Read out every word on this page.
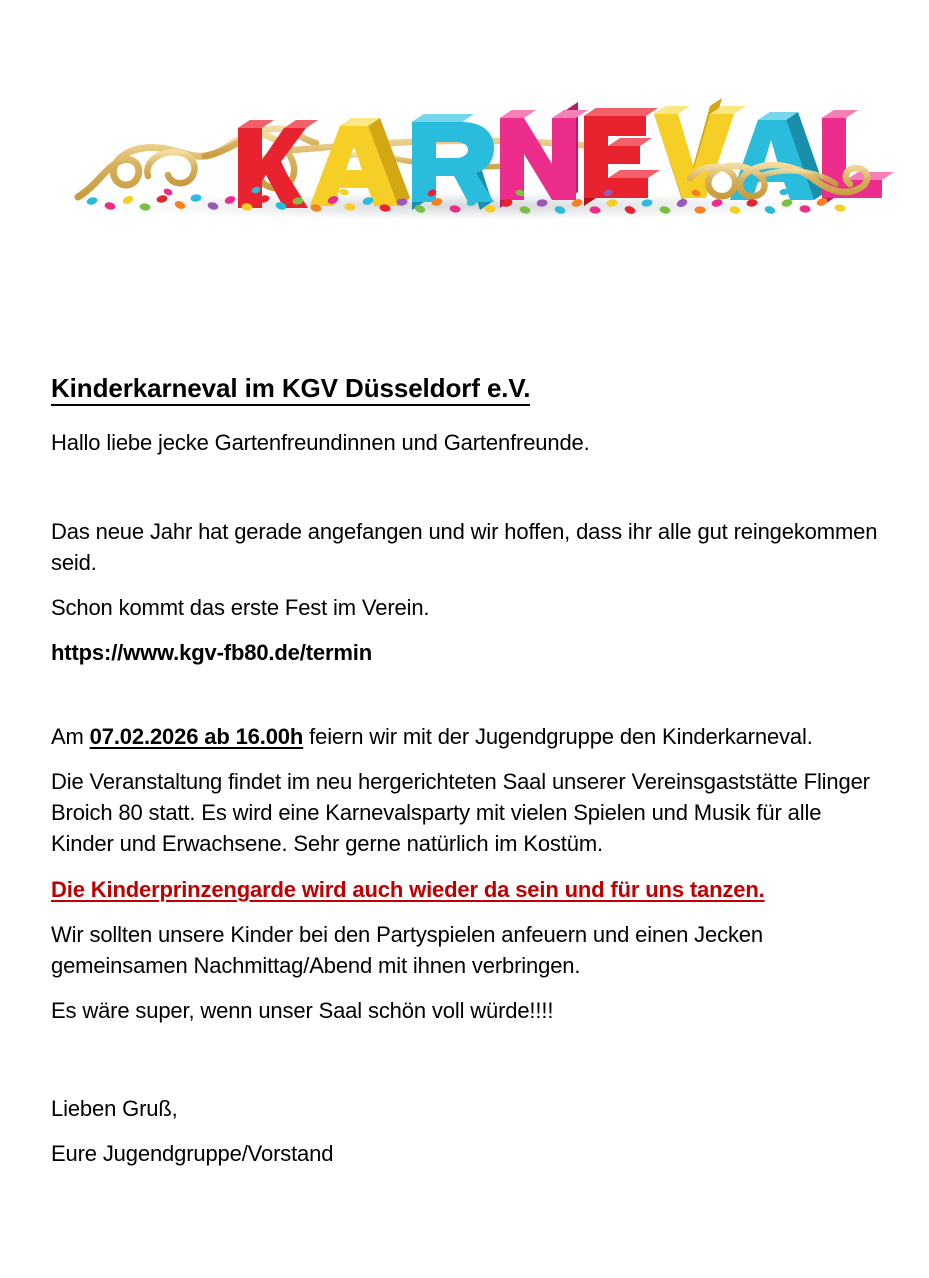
Kinderkarneval im KGV Düsseldorf e.V.

Hallo liebe jecke Gartenfreundinnen und Gartenfreunde.

Das neue Jahr hat gerade angefangen und wir hoffen, dass ihr alle gut reingekommen seid.

Schon kommt das erste Fest im Verein.

https://www.kgv-fb80.de/termin

Am 07.02.2026 ab 16.00h feiern wir mit der Jugendgruppe den Kinderkarneval.

Die Veranstaltung findet im neu hergerichteten Saal unserer Vereinsgaststätte Flinger Broich 80 statt. Es wird eine Karnevalsparty mit vielen Spielen und Musik für alle Kinder und Erwachsene. Sehr gerne natürlich im Kostüm.

Die Kinderprinzengarde wird auch wieder da sein und für uns tanzen.

Wir sollten unsere Kinder bei den Partyspielen anfeuern und einen Jecken gemeinsamen Nachmittag/Abend mit ihnen verbringen.

Es wäre super, wenn unser Saal schön voll würde!!!!

Lieben Gruß,

Eure Jugendgruppe/Vorstand
